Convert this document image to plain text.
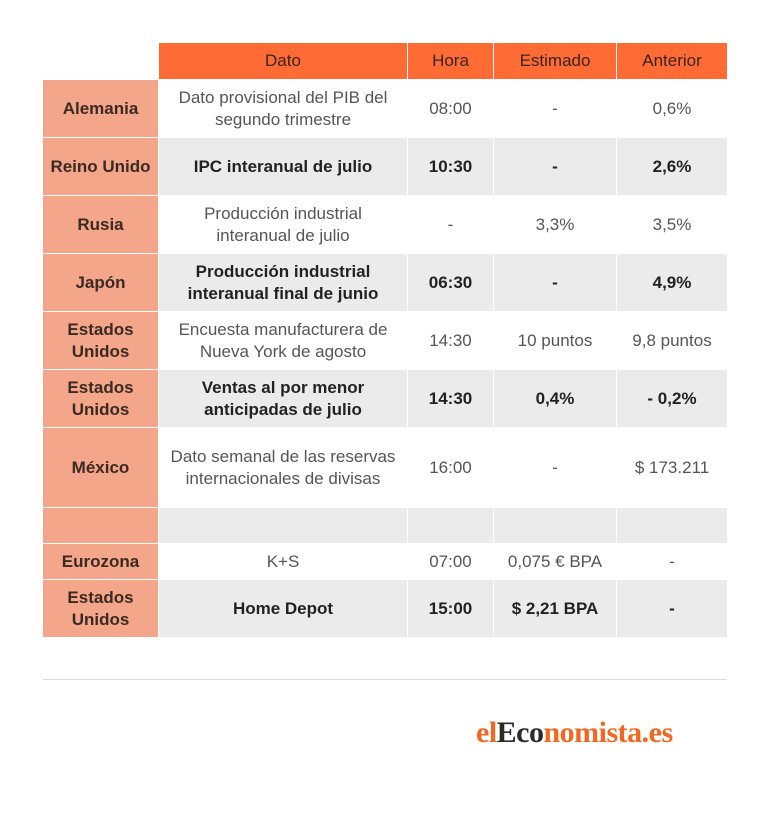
	Dato	Hora	Estimado	Anterior
Alemania	Dato provisional del PIB del segundo trimestre	08:00	-	0,6%
Reino Unido	IPC interanual de julio	10:30	-	2,6%
Rusia	Producción industrial interanual de julio	-	3,3%	3,5%
Japón	Producción industrial interanual final de junio	06:30	-	4,9%
Estados Unidos	Encuesta manufacturera de Nueva York de agosto	14:30	10 puntos	9,8 puntos
Estados Unidos	Ventas al por menor anticipadas de julio	14:30	0,4%	- 0,2%
México	Dato semanal de las reservas internacionales de divisas	16:00	-	$ 173.211

Eurozona	K+S	07:00	0,075 € BPA	-
Estados Unidos	Home Depot	15:00	$ 2,21 BPA	-
elEconomista.es
